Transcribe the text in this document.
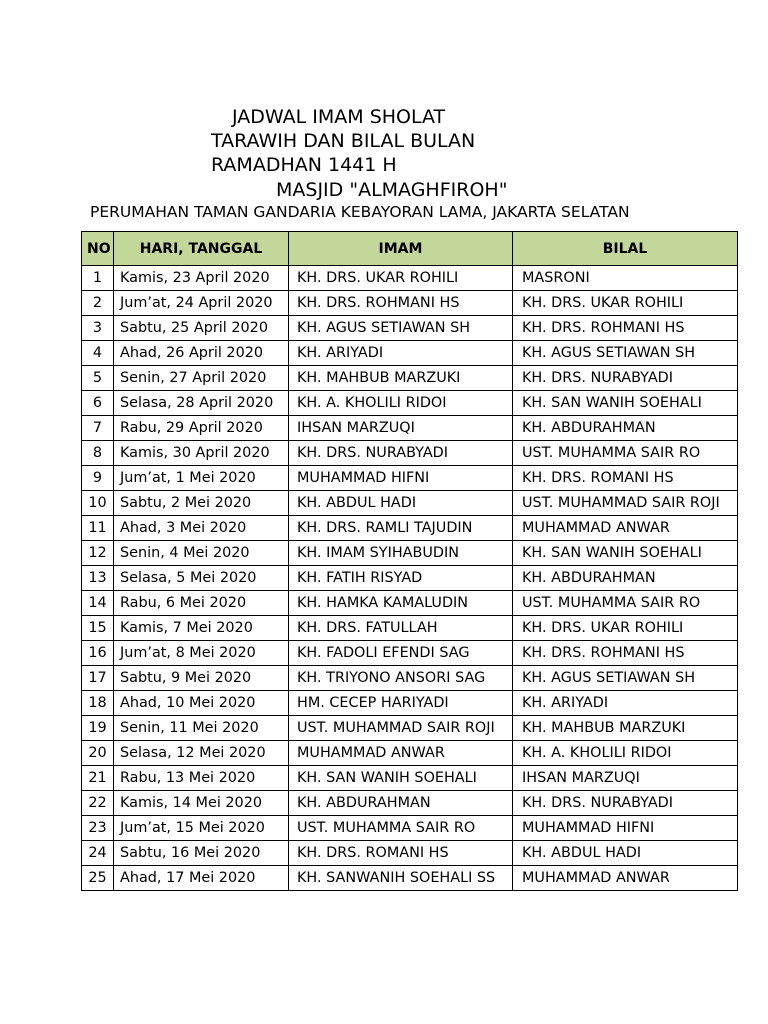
JADWAL IMAM SHOLAT
TARAWIH DAN BILAL BULAN
RAMADHAN 1441 H
MASJID "ALMAGHFIROH"
PERUMAHAN TAMAN GANDARIA KEBAYORAN LAMA, JAKARTA SELATAN
NO	HARI, TANGGAL	IMAM	BILAL
1	Kamis, 23 April 2020	KH. DRS. UKAR ROHILI	MASRONI
2	Jum’at, 24 April 2020	KH. DRS. ROHMANI HS	KH. DRS. UKAR ROHILI
3	Sabtu, 25 April 2020	KH. AGUS SETIAWAN SH	KH. DRS. ROHMANI HS
4	Ahad, 26 April 2020	KH. ARIYADI	KH. AGUS SETIAWAN SH
5	Senin, 27 April 2020	KH. MAHBUB MARZUKI	KH. DRS. NURABYADI
6	Selasa, 28 April 2020	KH. A. KHOLILI RIDOI	KH. SAN WANIH SOEHALI
7	Rabu, 29 April 2020	IHSAN MARZUQI	KH. ABDURAHMAN
8	Kamis, 30 April 2020	KH. DRS. NURABYADI	UST. MUHAMMA SAIR RO
9	Jum’at, 1 Mei 2020	MUHAMMAD HIFNI	KH. DRS. ROMANI HS
10	Sabtu, 2 Mei 2020	KH. ABDUL HADI	UST. MUHAMMAD SAIR ROJI
11	Ahad, 3 Mei 2020	KH. DRS. RAMLI TAJUDIN	MUHAMMAD ANWAR
12	Senin, 4 Mei 2020	KH. IMAM SYIHABUDIN	KH. SAN WANIH SOEHALI
13	Selasa, 5 Mei 2020	KH. FATIH RISYAD	KH. ABDURAHMAN
14	Rabu, 6 Mei 2020	KH. HAMKA KAMALUDIN	UST. MUHAMMA SAIR RO
15	Kamis, 7 Mei 2020	KH. DRS. FATULLAH	KH. DRS. UKAR ROHILI
16	Jum’at, 8 Mei 2020	KH. FADOLI EFENDI SAG	KH. DRS. ROHMANI HS
17	Sabtu, 9 Mei 2020	KH. TRIYONO ANSORI SAG	KH. AGUS SETIAWAN SH
18	Ahad, 10 Mei 2020	HM. CECEP HARIYADI	KH. ARIYADI
19	Senin, 11 Mei 2020	UST. MUHAMMAD SAIR ROJI	KH. MAHBUB MARZUKI
20	Selasa, 12 Mei 2020	MUHAMMAD ANWAR	KH. A. KHOLILI RIDOI
21	Rabu, 13 Mei 2020	KH. SAN WANIH SOEHALI	IHSAN MARZUQI
22	Kamis, 14 Mei 2020	KH. ABDURAHMAN	KH. DRS. NURABYADI
23	Jum’at, 15 Mei 2020	UST. MUHAMMA SAIR RO	MUHAMMAD HIFNI
24	Sabtu, 16 Mei 2020	KH. DRS. ROMANI HS	KH. ABDUL HADI
25	Ahad, 17 Mei 2020	KH. SANWANIH SOEHALI SS	MUHAMMAD ANWAR
